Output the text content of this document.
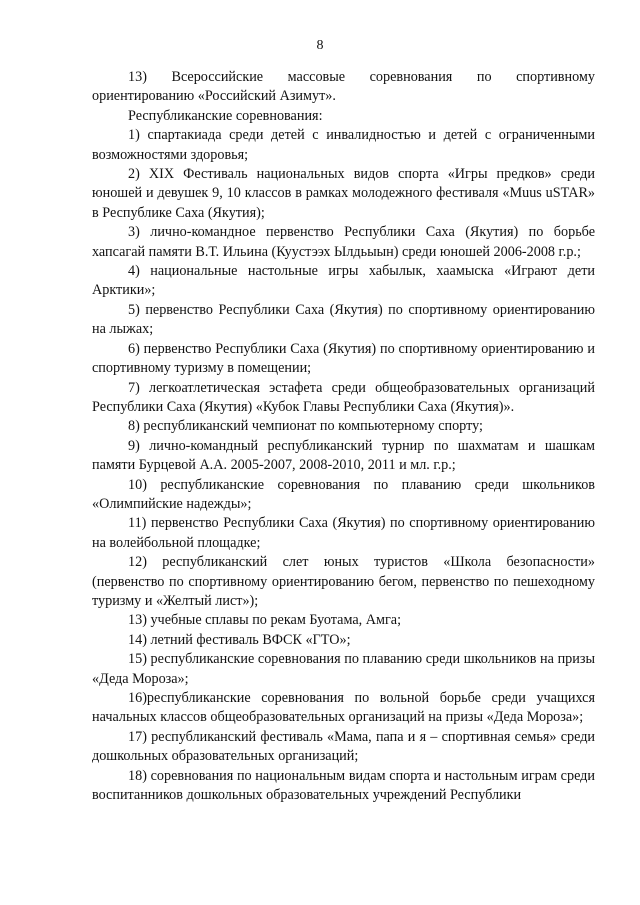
8

13) Всероссийские массовые соревнования по спортивному ориентированию «Российский Азимут».

Республиканские соревнования:

1) спартакиада среди детей с инвалидностью и детей с ограниченными возможностями здоровья;

2) XIX Фестиваль национальных видов спорта «Игры предков» среди юношей и девушек 9, 10 классов в рамках молодежного фестиваля «Muus uSTAR» в Республике Саха (Якутия);

3) лично-командное первенство Республики Саха (Якутия) по борьбе хапсагай памяти В.Т. Ильина (Куустээх Ылдьыын) среди юношей 2006-2008 г.р.;

4) национальные настольные игры хабылык, хаамыска «Играют дети Арктики»;

5) первенство Республики Саха (Якутия) по спортивному ориентированию на лыжах;

6) первенство Республики Саха (Якутия) по спортивному ориентированию и спортивному туризму в помещении;

7) легкоатлетическая эстафета среди общеобразовательных организаций Республики Саха (Якутия) «Кубок Главы Республики Саха (Якутия)».

8) республиканский чемпионат по компьютерному спорту;

9) лично-командный республиканский турнир по шахматам и шашкам памяти Бурцевой А.А. 2005-2007, 2008-2010, 2011 и мл. г.р.;

10) республиканские соревнования по плаванию среди школьников «Олимпийские надежды»;

11) первенство Республики Саха (Якутия) по спортивному ориентированию на волейбольной площадке;

12) республиканский слет юных туристов «Школа безопасности» (первенство по спортивному ориентированию бегом, первенство по пешеходному туризму и «Желтый лист»);

13) учебные сплавы по рекам Буотама, Амга;

14) летний фестиваль ВФСК «ГТО»;

15) республиканские соревнования по плаванию среди школьников на призы «Деда Мороза»;

16)республиканские соревнования по вольной борьбе среди учащихся начальных классов общеобразовательных организаций на призы «Деда Мороза»;

17) республиканский фестиваль «Мама, папа и я – спортивная семья» среди дошкольных образовательных организаций;

18) соревнования по национальным видам спорта и настольным играм среди воспитанников дошкольных образовательных учреждений Республики
